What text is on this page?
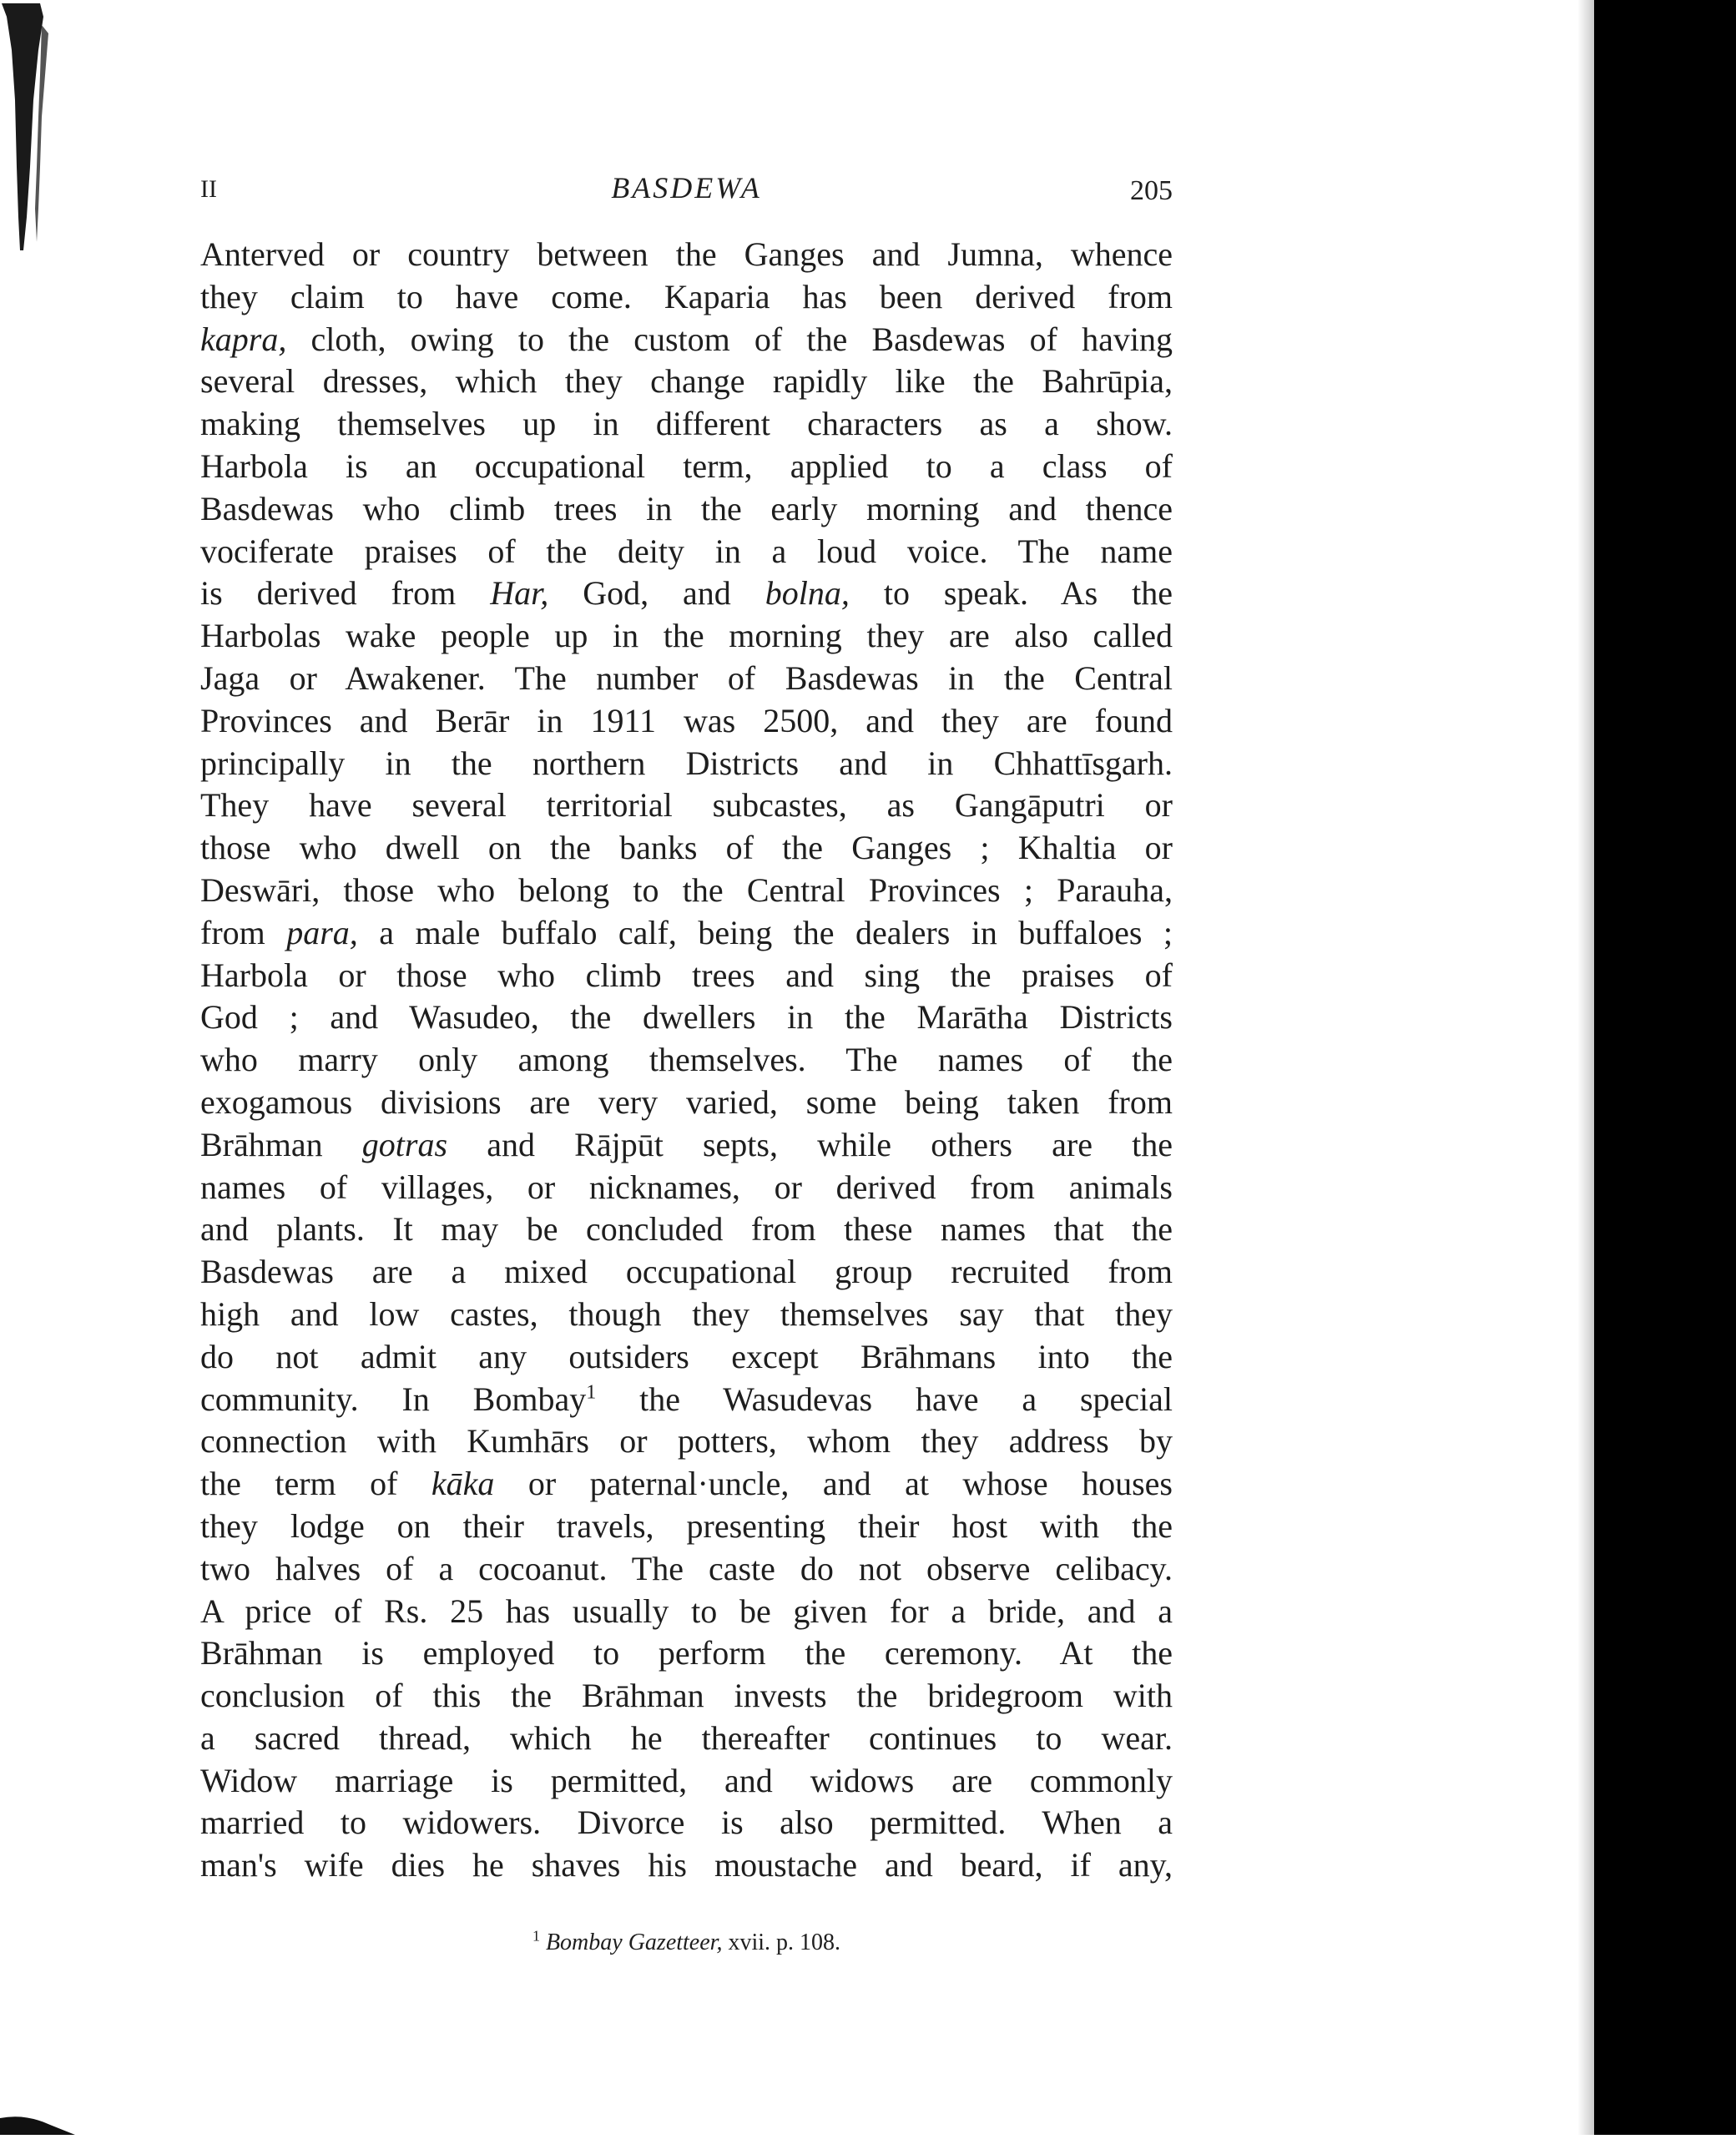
II	BASDEWA	205
Anterved or country between the Ganges and Jumna, whence
they claim to have come. Kaparia has been derived from
kapra, cloth, owing to the custom of the Basdewas of having
several dresses, which they change rapidly like the Bahrūpia,
making themselves up in different characters as a show.
Harbola is an occupational term, applied to a class of
Basdewas who climb trees in the early morning and thence
vociferate praises of the deity in a loud voice. The name
is derived from Har, God, and bolna, to speak. As the
Harbolas wake people up in the morning they are also called
Jaga or Awakener. The number of Basdewas in the Central
Provinces and Berār in 1911 was 2500, and they are found
principally in the northern Districts and in Chhattīsgarh.
They have several territorial subcastes, as Gangāputri or
those who dwell on the banks of the Ganges ; Khaltia or
Deswāri, those who belong to the Central Provinces ; Parauha,
from para, a male buffalo calf, being the dealers in buffaloes ;
Harbola or those who climb trees and sing the praises of
God ; and Wasudeo, the dwellers in the Marātha Districts
who marry only among themselves. The names of the
exogamous divisions are very varied, some being taken from
Brāhman gotras and Rājpūt septs, while others are the
names of villages, or nicknames, or derived from animals
and plants. It may be concluded from these names that the
Basdewas are a mixed occupational group recruited from
high and low castes, though they themselves say that they
do not admit any outsiders except Brāhmans into the
community. In Bombay$^1$ the Wasudevas have a special
connection with Kumhārs or potters, whom they address by
the term of kāka or paternal·uncle, and at whose houses
they lodge on their travels, presenting their host with the
two halves of a cocoanut. The caste do not observe celibacy.
A price of Rs. 25 has usually to be given for a bride, and a
Brāhman is employed to perform the ceremony. At the
conclusion of this the Brāhman invests the bridegroom with
a sacred thread, which he thereafter continues to wear.
Widow marriage is permitted, and widows are commonly
married to widowers. Divorce is also permitted. When a
man's wife dies he shaves his moustache and beard, if any,
$^1$ Bombay Gazetteer, xvii. p. 108.
